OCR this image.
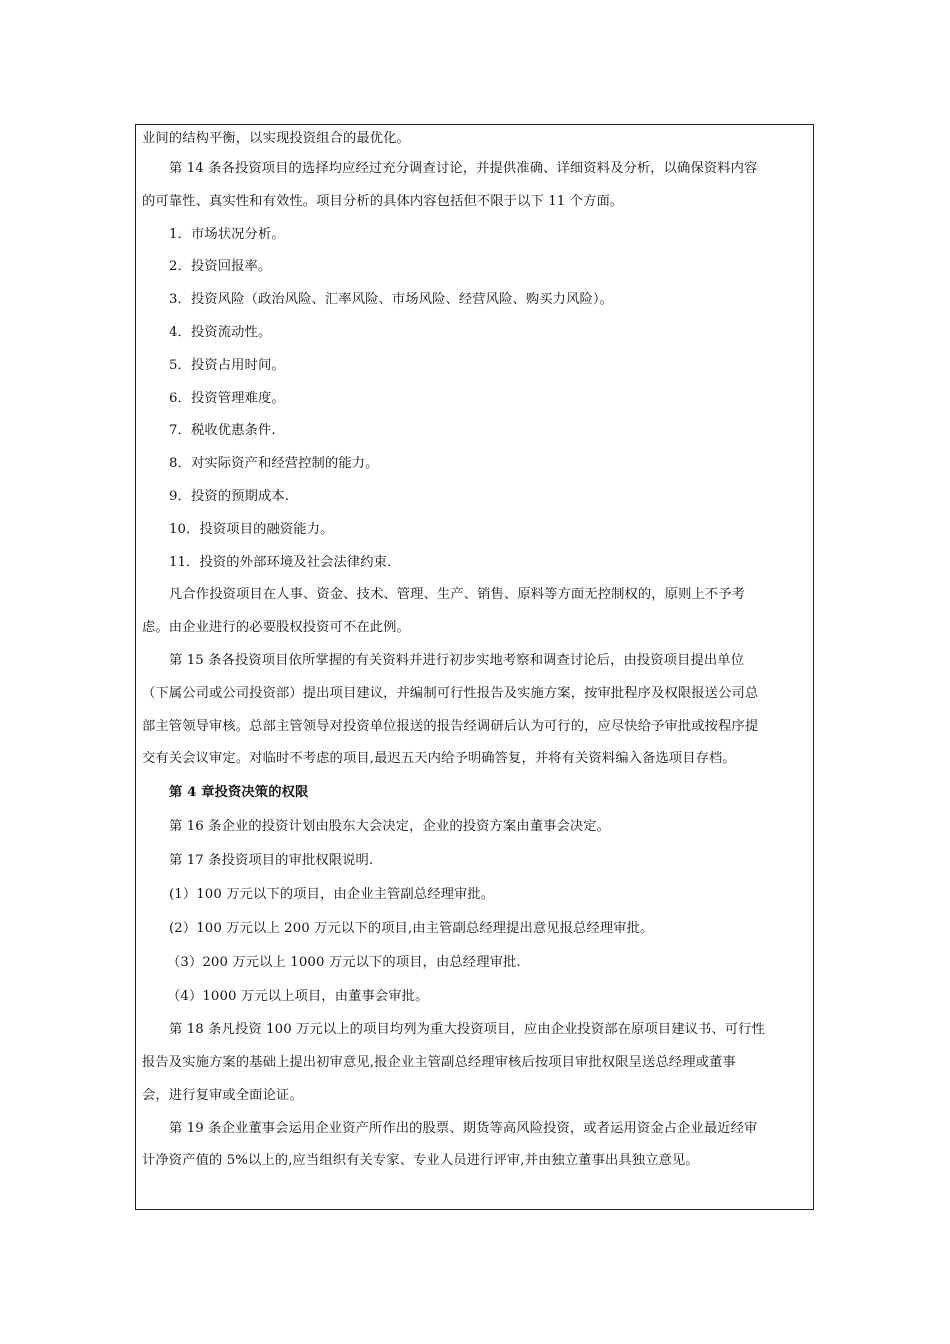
业间的结构平衡，以实现投资组合的最优化。

第 14 条各投资项目的选择均应经过充分调查讨论，并提供准确、详细资料及分析，以确保资料内容

的可靠性、真实性和有效性。项目分析的具体内容包括但不限于以下 11 个方面。

1．市场状况分析。

2．投资回报率。

3．投资风险（政治风险、汇率风险、市场风险、经营风险、购买力风险）。

4．投资流动性。

5．投资占用时间。

6．投资管理难度。

7．税收优惠条件.

8．对实际资产和经营控制的能力。

9．投资的预期成本.

10．投资项目的融资能力。

11．投资的外部环境及社会法律约束.

凡合作投资项目在人事、资金、技术、管理、生产、销售、原料等方面无控制权的，原则上不予考

虑。由企业进行的必要股权投资可不在此例。

第 15 条各投资项目依所掌握的有关资料并进行初步实地考察和调查讨论后，由投资项目提出单位

（下属公司或公司投资部）提出项目建议，并编制可行性报告及实施方案，按审批程序及权限报送公司总

部主管领导审核。总部主管领导对投资单位报送的报告经调研后认为可行的，应尽快给予审批或按程序提

交有关会议审定。对临时不考虑的项目,最迟五天内给予明确答复，并将有关资料编入备选项目存档。

第 4 章投资决策的权限

第 16 条企业的投资计划由股东大会决定，企业的投资方案由董事会决定。

第 17 条投资项目的审批权限说明.

(1）100 万元以下的项目，由企业主管副总经理审批。

(2）100 万元以上 200 万元以下的项目,由主管副总经理提出意见报总经理审批。

（3）200 万元以上 1000 万元以下的项目，由总经理审批.

（4）1000 万元以上项目，由董事会审批。

第 18 条凡投资 100 万元以上的项目均列为重大投资项目，应由企业投资部在原项目建议书、可行性

报告及实施方案的基础上提出初审意见,报企业主管副总经理审核后按项目审批权限呈送总经理或董事

会，进行复审或全面论证。

第 19 条企业董事会运用企业资产所作出的股票、期货等高风险投资，或者运用资金占企业最近经审

计净资产值的 5%以上的,应当组织有关专家、专业人员进行评审,并由独立董事出具独立意见。
